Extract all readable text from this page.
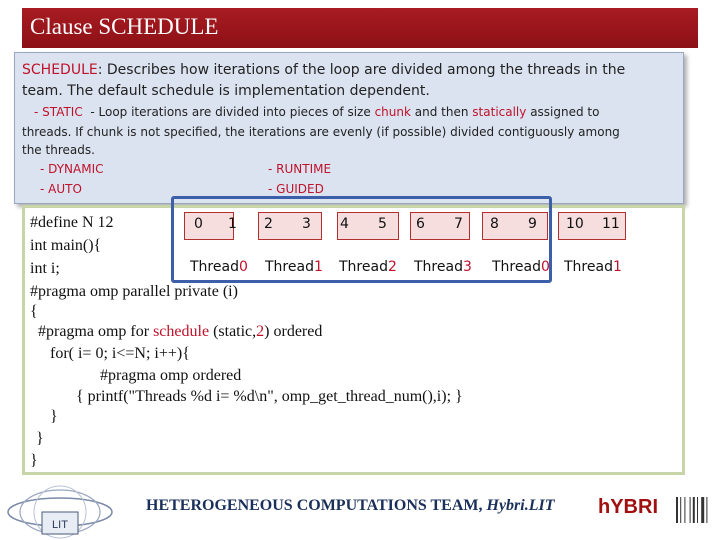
Clause SCHEDULE
SCHEDULE: Describes how iterations of the loop are divided among the threads in the
team. The default schedule is implementation dependent.
- STATIC - Loop iterations are divided into pieces of size chunk and then statically assigned to
threads. If chunk is not specified, the iterations are evenly (if possible) divided contiguously among
the threads.
- DYNAMIC	- RUNTIME
- AUTO	- GUIDED
0 1 2 3 4 5 6 7 8 9 10 11
Thread0 Thread1 Thread2 Thread3 Thread0 Thread1
#define N 12
int main(){
int i;
#pragma omp parallel private (i)
{
#pragma omp for schedule (static,2) ordered
for( i= 0; i<=N; i++){
#pragma omp ordered
{ printf("Threads %d i= %d\n", omp_get_thread_num(),i); }
}
}
}
LIT
HETEROGENEOUS COMPUTATIONS TEAM, Hybri.LIT hYBRI
